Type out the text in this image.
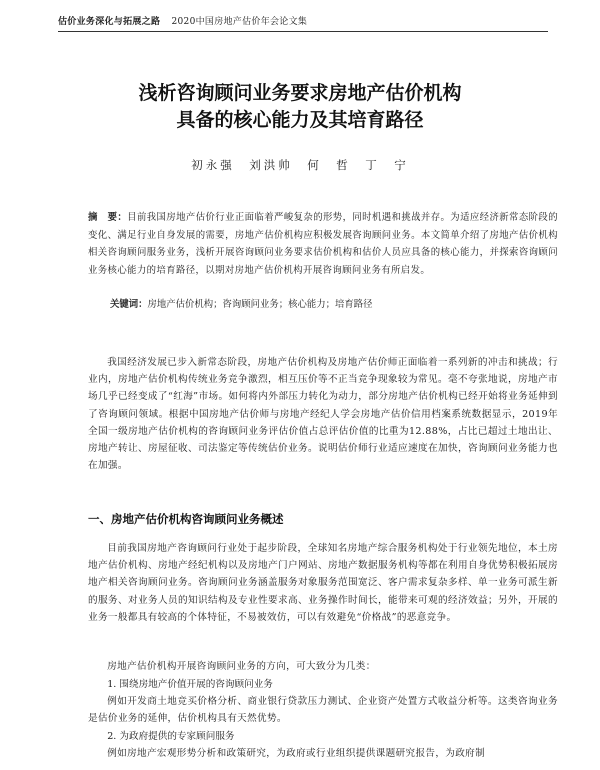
估价业务深化与拓展之路 2020中国房地产估价年会论文集
浅析咨询顾问业务要求房地产估价机构
具备的核心能力及其培育路径
初永强　刘洪帅　何　哲　丁　宁
摘　要：目前我国房地产估价行业正面临着严峻复杂的形势，同时机遇和挑战并存。为适应经济新常态阶段的变化、满足行业自身发展的需要，房地产估价机构应积极发展咨询顾问业务。本文简单介绍了房地产估价机构相关咨询顾问服务业务，浅析开展咨询顾问业务要求估价机构和估价人员应具备的核心能力，并探索咨询顾问业务核心能力的培育路径，以期对房地产估价机构开展咨询顾问业务有所启发。
关键词：房地产估价机构；咨询顾问业务；核心能力；培育路径

我国经济发展已步入新常态阶段，房地产估价机构及房地产估价师正面临着一系列新的冲击和挑战；行业内，房地产估价机构传统业务竞争激烈，相互压价等不正当竞争现象较为常见。毫不夸张地说，房地产市场几乎已经变成了“红海”市场。如何将内外部压力转化为动力，部分房地产估价机构已经开始将业务延伸到了咨询顾问领域。根据中国房地产估价师与房地产经纪人学会房地产估价信用档案系统数据显示，2019年全国一级房地产估价机构的咨询顾问业务评估价值占总评估价值的比重为12.88%，占比已超过土地出让、房地产转让、房屋征收、司法鉴定等传统估价业务。说明估价师行业适应速度在加快，咨询顾问业务能力也在加强。

一、房地产估价机构咨询顾问业务概述

目前我国房地产咨询顾问行业处于起步阶段，全球知名房地产综合服务机构处于行业领先地位，本土房地产估价机构、房地产经纪机构以及房地产门户网站、房地产数据服务机构等都在利用自身优势积极拓展房地产相关咨询顾问业务。咨询顾问业务涵盖服务对象服务范围宽泛、客户需求复杂多样、单一业务可派生新的服务、对业务人员的知识结构及专业性要求高、业务操作时间长，能带来可观的经济效益；另外，开展的业务一般都具有较高的个体特征，不易被效仿，可以有效避免“价格战”的恶意竞争。

房地产估价机构开展咨询顾问业务的方向，可大致分为几类：

1. 围绕房地产价值开展的咨询顾问业务

例如开发商土地竞买价格分析、商业银行贷款压力测试、企业资产处置方式收益分析等。这类咨询业务是估价业务的延伸，估价机构具有天然优势。

2. 为政府提供的专家顾问服务

例如房地产宏观形势分析和政策研究，为政府或行业组织提供课题研究报告，为政府制
